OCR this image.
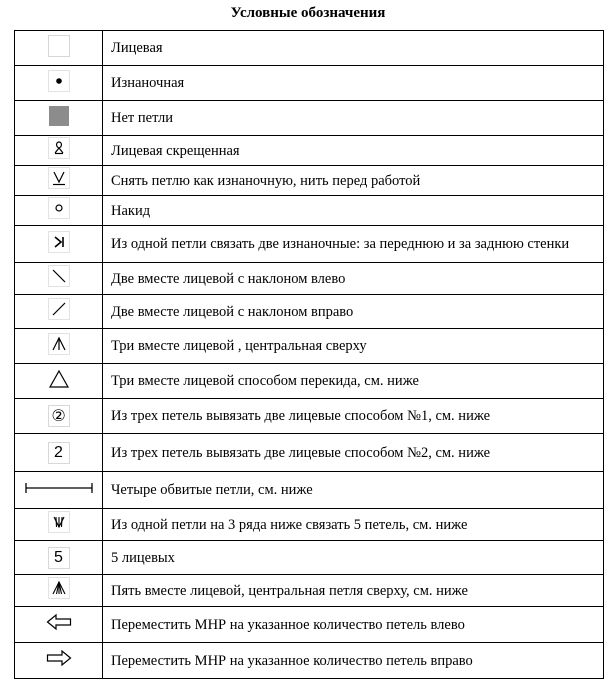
Условные обозначения
	Лицевая
	Изнаночная
	Нет петли
	Лицевая скрещенная
	Снять петлю как изнаночную, нить перед работой
	Накид
	Из одной петли связать две изнаночные: за переднюю и за заднюю стенки
	Две вместе лицевой с наклоном влево
	Две вместе лицевой с наклоном вправо
	Три вместе лицевой , центральная сверху
	Три вместе лицевой способом перекида, см. ниже
②	Из трех петель вывязать две лицевые способом №1, см. ниже
2	Из трех петель вывязать две лицевые способом №2, см. ниже
	Четыре обвитые петли, см. ниже
	Из одной петли на 3 ряда ниже связать 5 петель, см. ниже
5	5 лицевых
	Пять вместе лицевой, центральная петля сверху, см. ниже
	Переместить МНР на указанное количество петель влево
	Переместить МНР на указанное количество петель вправо
